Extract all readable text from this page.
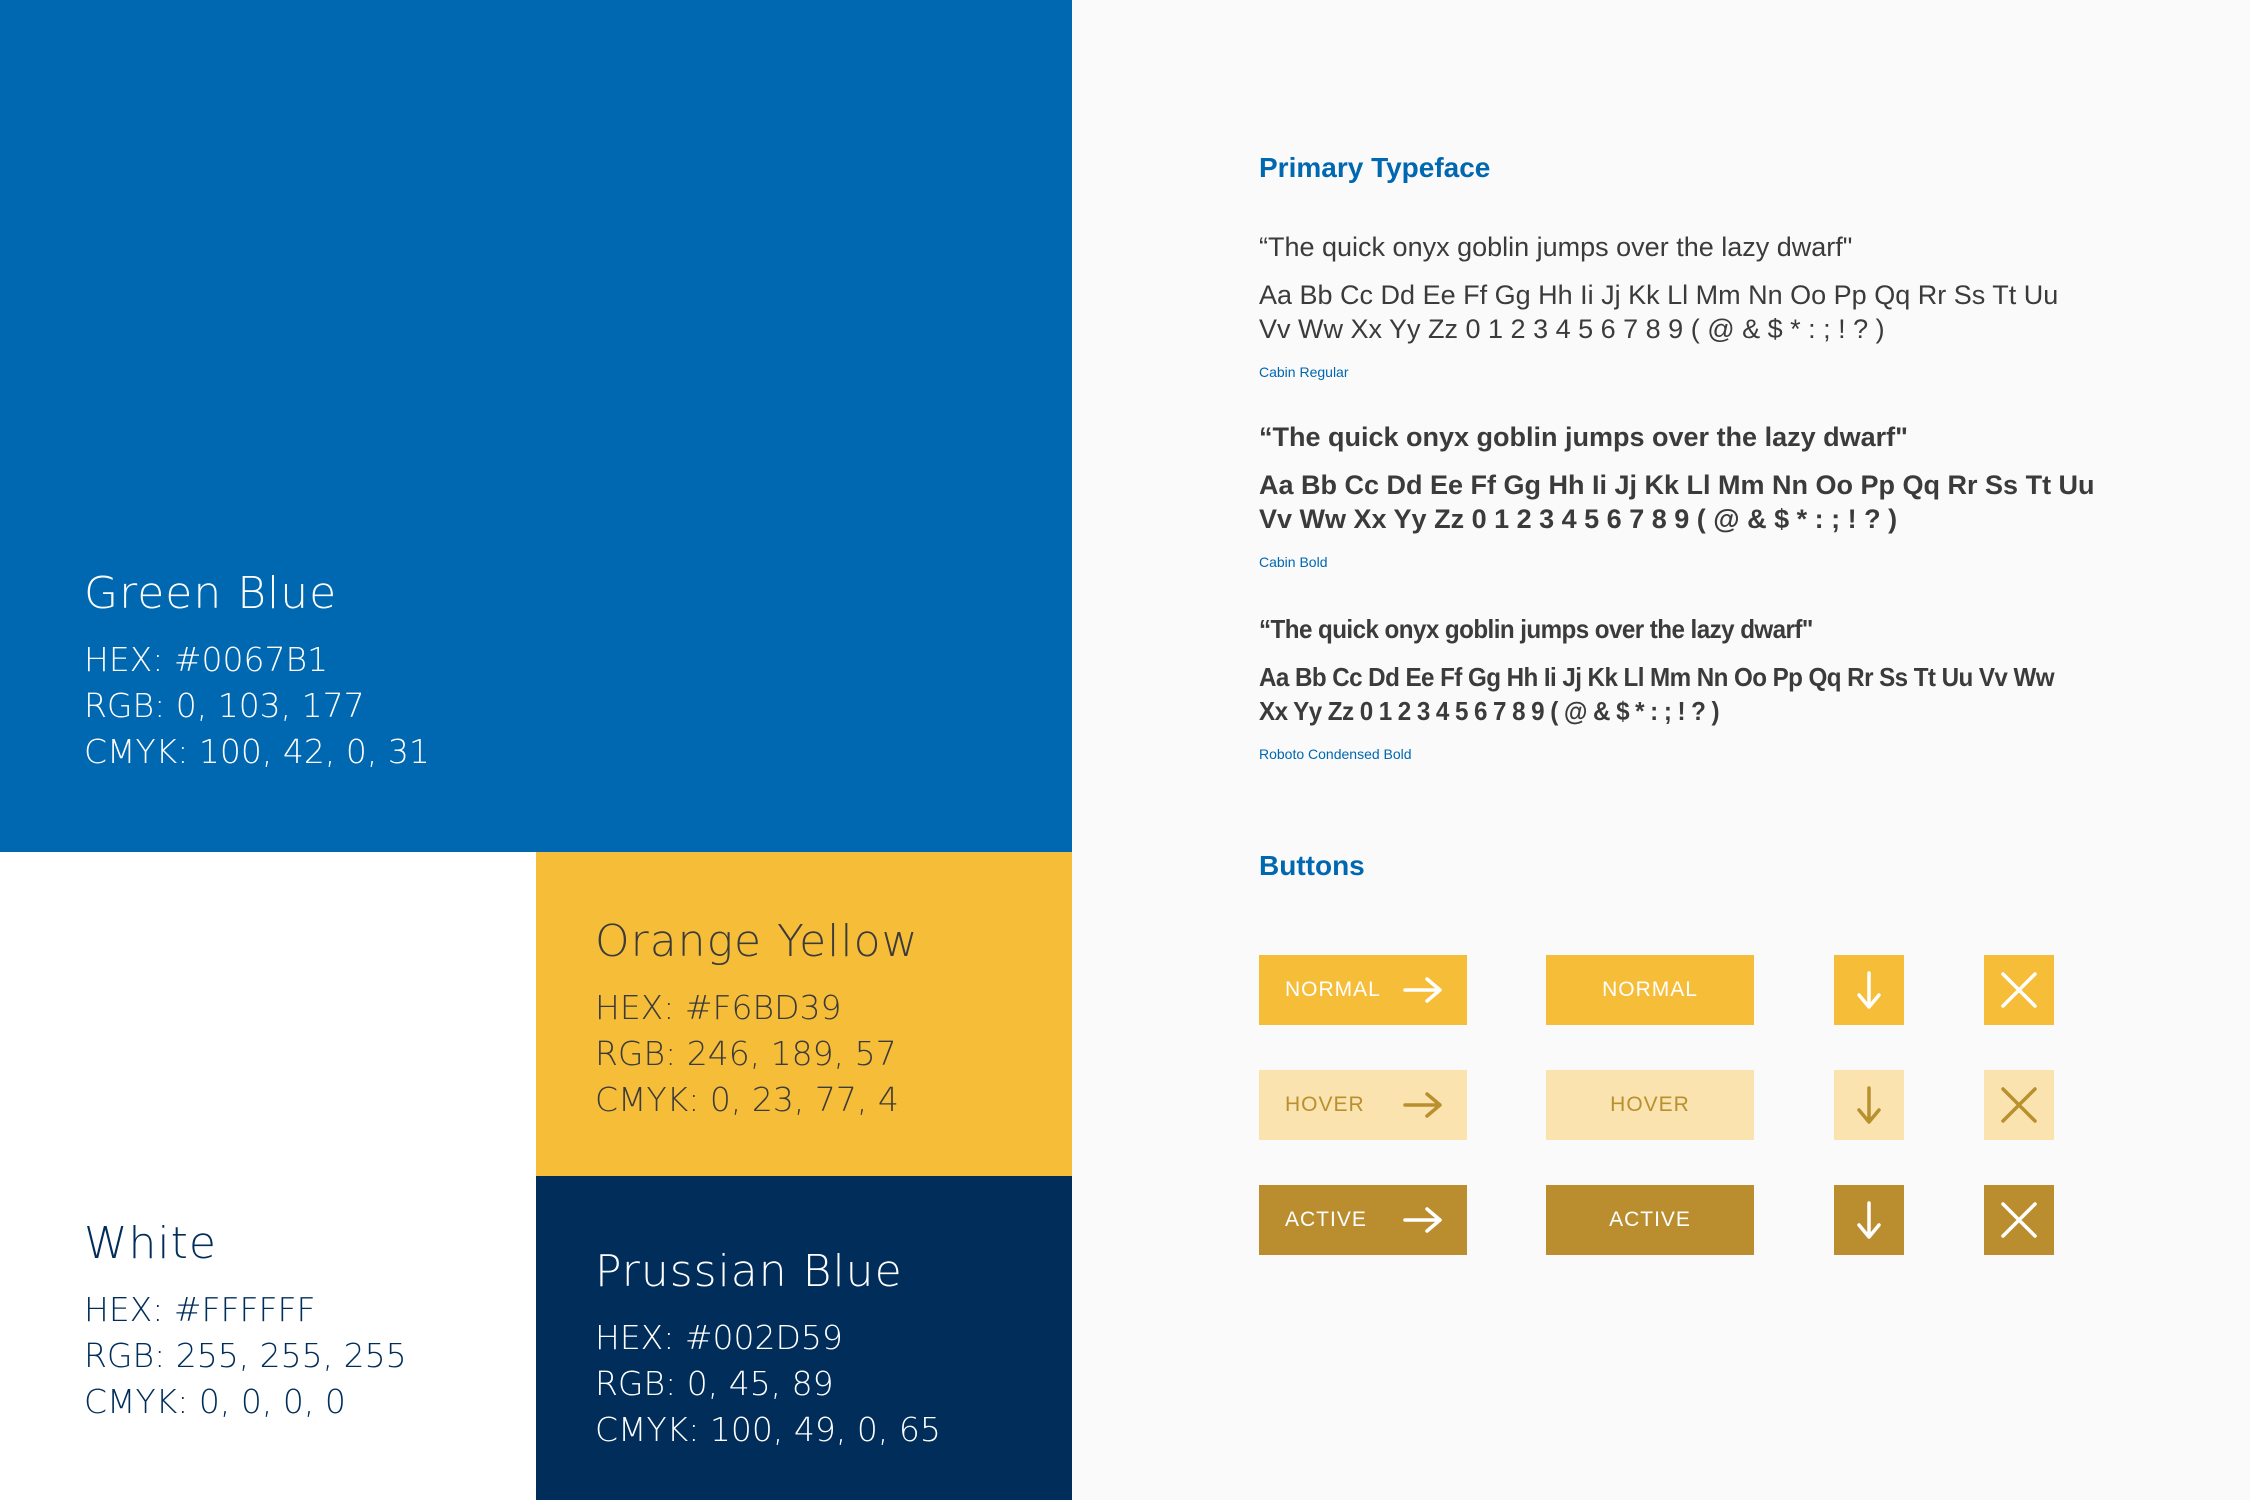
Green Blue
HEX: #0067B1
RGB: 0, 103, 177
CMYK: 100, 42, 0, 31
White
HEX: #FFFFFF
RGB: 255, 255, 255
CMYK: 0, 0, 0, 0
Orange Yellow
HEX: #F6BD39
RGB: 246, 189, 57
CMYK: 0, 23, 77, 4
Prussian Blue
HEX: #002D59
RGB: 0, 45, 89
CMYK: 100, 49, 0, 65
Primary Typeface
“The quick onyx goblin jumps over the lazy dwarf"
Aa Bb Cc Dd Ee Ff Gg Hh Ii Jj Kk Ll Mm Nn Oo Pp Qq Rr Ss Tt Uu
Vv Ww Xx Yy Zz 0 1 2 3 4 5 6 7 8 9 ( @ & $ * : ; ! ? )
Cabin Regular
“The quick onyx goblin jumps over the lazy dwarf"
Aa Bb Cc Dd Ee Ff Gg Hh Ii Jj Kk Ll Mm Nn Oo Pp Qq Rr Ss Tt Uu
Vv Ww Xx Yy Zz 0 1 2 3 4 5 6 7 8 9 ( @ & $ * : ; ! ? )
Cabin Bold
“The quick onyx goblin jumps over the lazy dwarf"
Aa Bb Cc Dd Ee Ff Gg Hh Ii Jj Kk Ll Mm Nn Oo Pp Qq Rr Ss Tt Uu Vv Ww
Xx Yy Zz 0 1 2 3 4 5 6 7 8 9 ( @ & $ * : ; ! ? )
Roboto Condensed Bold
Buttons
NORMAL	NORMAL
HOVER	HOVER
ACTIVE	ACTIVE
